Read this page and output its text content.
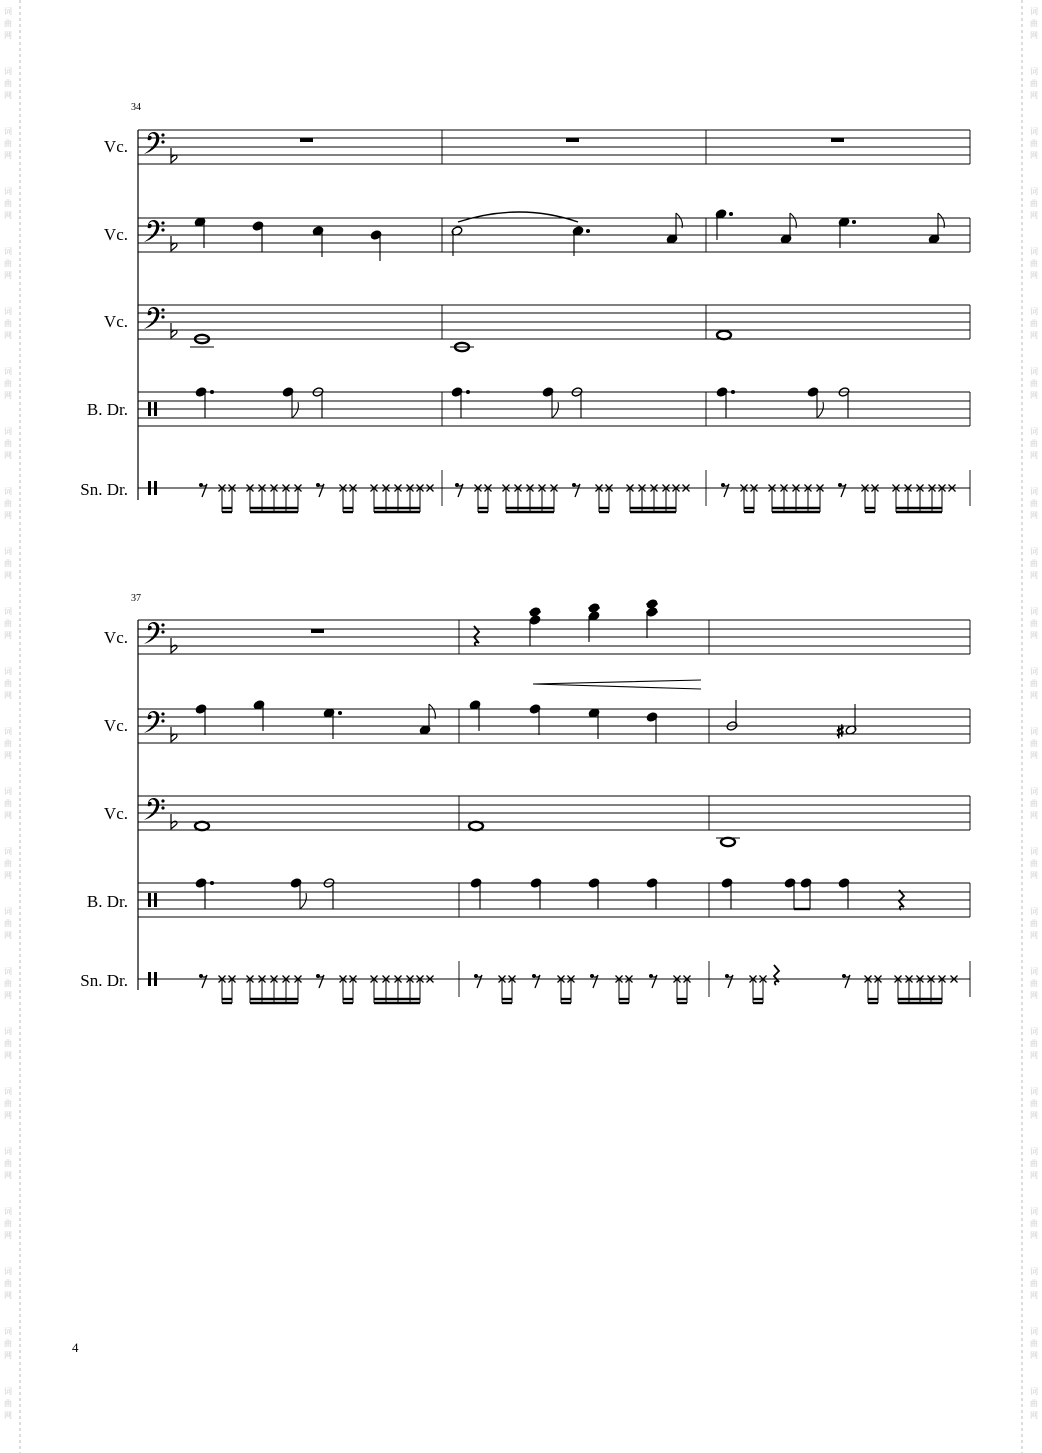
34
Vc.
Vc.
Vc.
B. Dr.
Sn. Dr.
37
Vc.
Vc.	♯
Vc.
B. Dr.
Sn. Dr.
4
词
曲
网
词
曲
网
词
曲
网
词
曲
网
词
曲
网
词
曲
网
词
曲
网
词
曲
网
词
曲
网
词
曲
网
词
曲
网
词
曲
网
词
曲
网
词
曲
网
词
曲
网
词
曲
网
词
曲
网
词
曲
网
词
曲
网
词
曲
网
词
曲
网
词
曲
网
词
曲
网
词
曲
网
词
曲
网
词
曲
网
词
曲
网
词
曲
网
词
曲
网
词
曲
网
词
曲
网
词
曲
网
词
曲
网
词
曲
网
词
曲
网
词
曲
网
词
曲
网
词
曲
网
词
曲
网
词
曲
网
词
曲
网
词
曲
网
词
曲
网
词
曲
网
词
曲
网
词
曲
网
词
曲
网
词
曲
网
